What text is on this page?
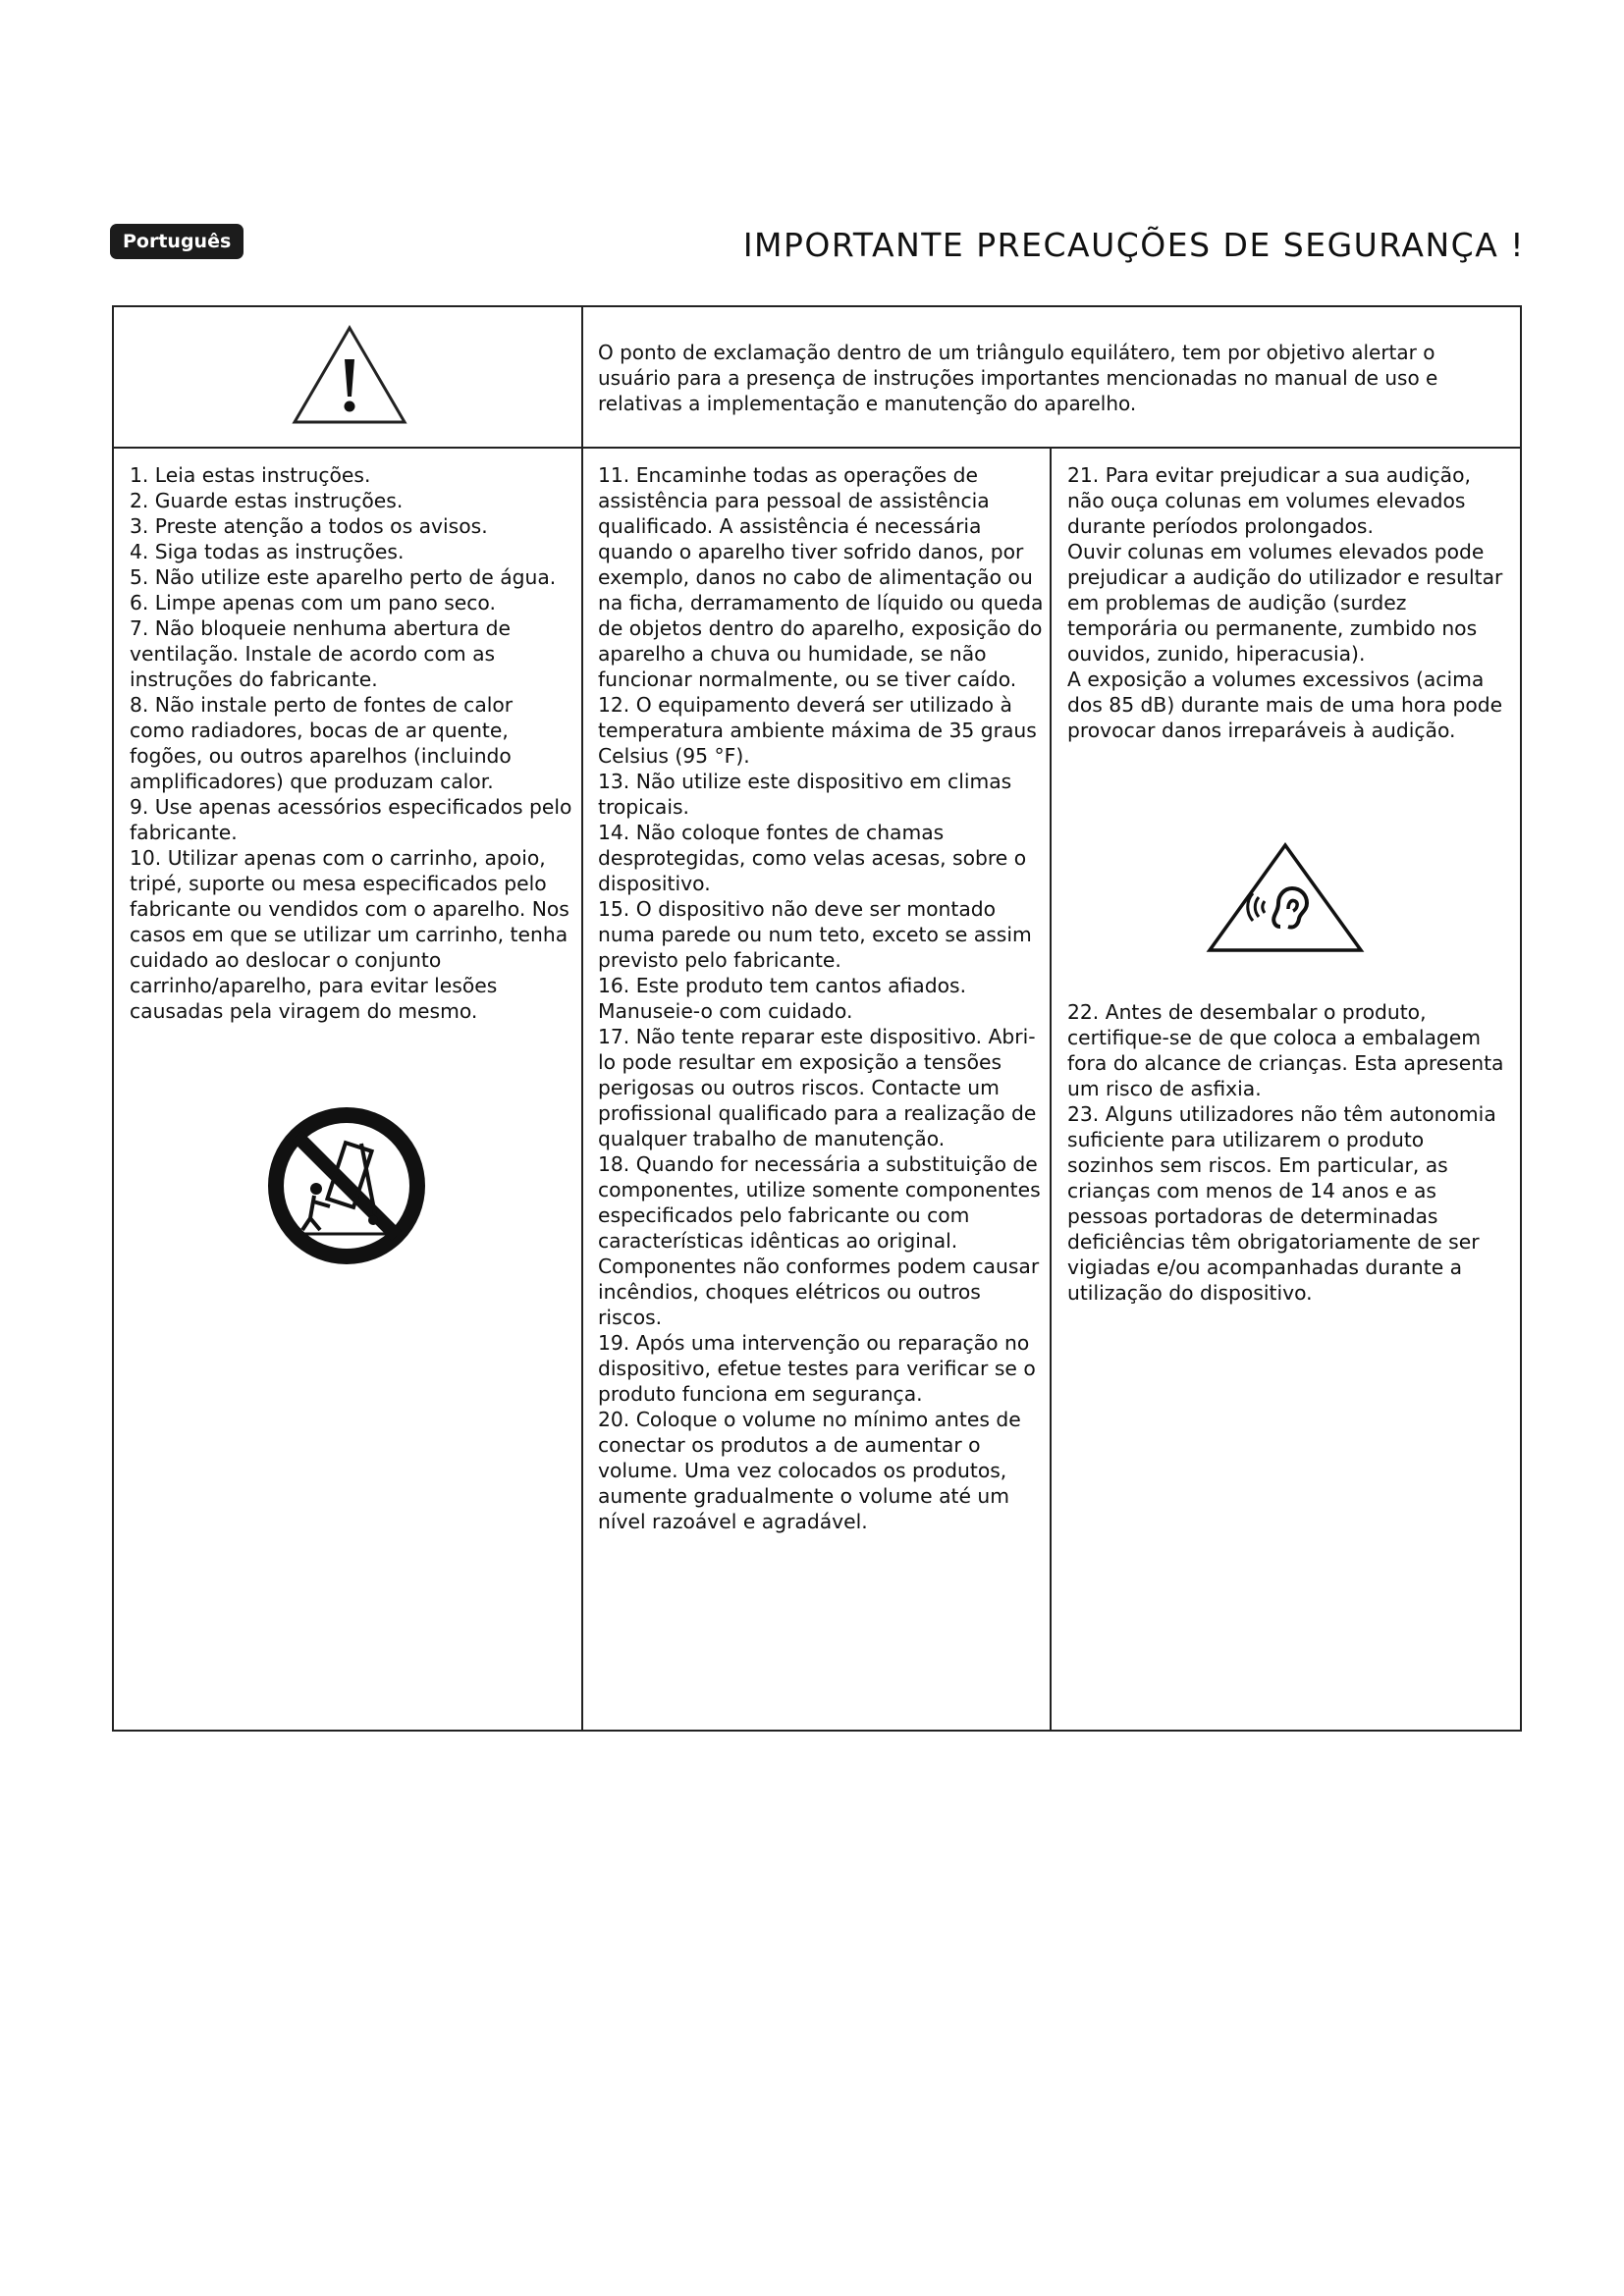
Português	IMPORTANTE PRECAUÇÕES DE SEGURANÇA !

O ponto de exclamação dentro de um triângulo equilátero, tem por objetivo alertar o usuário para a presença de instruções importantes mencionadas no manual de uso e relativas a implementação e manutenção do aparelho.

1. Leia estas instruções.

2. Guarde estas instruções.

3. Preste atenção a todos os avisos.

4. Siga todas as instruções.

5. Não utilize este aparelho perto de água.

6. Limpe apenas com um pano seco.

7. Não bloqueie nenhuma abertura de ventilação. Instale de acordo com as instruções do fabricante.

8. Não instale perto de fontes de calor como radiadores, bocas de ar quente, fogões, ou outros aparelhos (incluindo amplificadores) que produzam calor.

9. Use apenas acessórios especificados pelo fabricante.

10. Utilizar apenas com o carrinho, apoio, tripé, suporte ou mesa especificados pelo fabricante ou vendidos com o aparelho. Nos casos em que se utilizar um carrinho, tenha cuidado ao deslocar o conjunto carrinho/aparelho, para evitar lesões causadas pela viragem do mesmo.

11. Encaminhe todas as operações de assistência para pessoal de assistência qualificado. A assistência é necessária quando o aparelho tiver sofrido danos, por exemplo, danos no cabo de alimentação ou na ficha, derramamento de líquido ou queda de objetos dentro do aparelho, exposição do aparelho a chuva ou humidade, se não funcionar normalmente, ou se tiver caído.

12. O equipamento deverá ser utilizado à temperatura ambiente máxima de 35 graus Celsius (95 °F).

13. Não utilize este dispositivo em climas tropicais.

14. Não coloque fontes de chamas desprotegidas, como velas acesas, sobre o dispositivo.

15. O dispositivo não deve ser montado numa parede ou num teto, exceto se assim previsto pelo fabricante.

16. Este produto tem cantos afiados. Manuseie-o com cuidado.

17. Não tente reparar este dispositivo. Abri-lo pode resultar em exposição a tensões perigosas ou outros riscos. Contacte um profissional qualificado para a realização de qualquer trabalho de manutenção.

18. Quando for necessária a substituição de componentes, utilize somente componentes especificados pelo fabricante ou com características idênticas ao original. Componentes não conformes podem causar incêndios, choques elétricos ou outros riscos.

19. Após uma intervenção ou reparação no dispositivo, efetue testes para verificar se o produto funciona em segurança.

20. Coloque o volume no mínimo antes de conectar os produtos a de aumentar o volume. Uma vez colocados os produtos, aumente gradualmente o volume até um nível razoável e agradável.

21. Para evitar prejudicar a sua audição, não ouça colunas em volumes elevados durante períodos prolongados.

Ouvir colunas em volumes elevados pode prejudicar a audição do utilizador e resultar em problemas de audição (surdez temporária ou permanente, zumbido nos ouvidos, zunido, hiperacusia).

A exposição a volumes excessivos (acima dos 85 dB) durante mais de uma hora pode provocar danos irreparáveis à audição.

22. Antes de desembalar o produto, certifique-se de que coloca a embalagem fora do alcance de crianças. Esta apresenta um risco de asfixia.

23. Alguns utilizadores não têm autonomia suficiente para utilizarem o produto sozinhos sem riscos. Em particular, as crianças com menos de 14 anos e as pessoas portadoras de determinadas deficiências têm obrigatoriamente de ser vigiadas e/ou acompanhadas durante a utilização do dispositivo.
